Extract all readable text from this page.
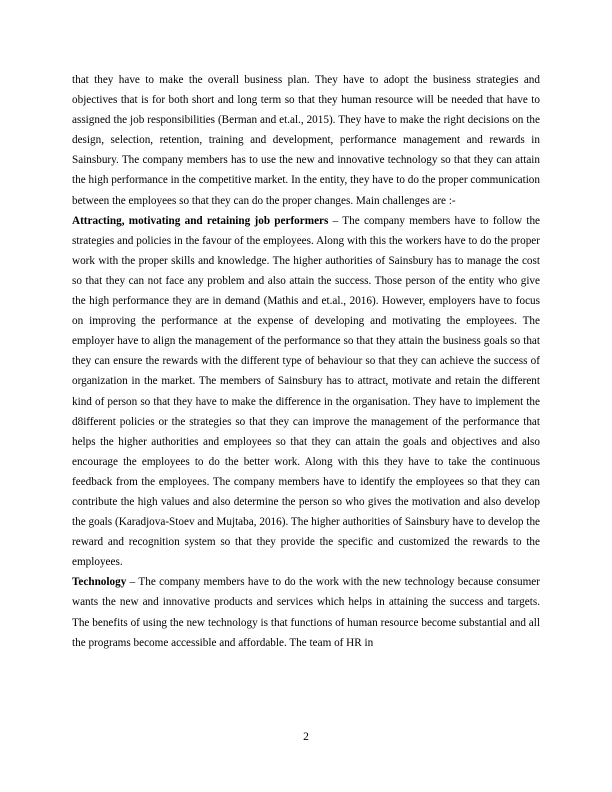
that they have to make the overall business plan. They have to adopt the business strategies and objectives that is for both short and long term so that they human resource will be needed that have to assigned the job responsibilities (Berman and et.al., 2015). They have to make the right decisions on the design, selection, retention, training and development, performance management and rewards in Sainsbury. The company members has to use the new and innovative technology so that they can attain the high performance in the competitive market. In the entity, they have to do the proper communication between the employees so that they can do the proper changes. Main challenges are :-

Attracting, motivating and retaining job performers – The company members have to follow the strategies and policies in the favour of the employees. Along with this the workers have to do the proper work with the proper skills and knowledge. The higher authorities of Sainsbury has to manage the cost so that they can not face any problem and also attain the success. Those person of the entity who give the high performance they are in demand (Mathis and et.al., 2016). However, employers have to focus on improving the performance at the expense of developing and motivating the employees. The employer have to align the management of the performance so that they attain the business goals so that they can ensure the rewards with the different type of behaviour so that they can achieve the success of organization in the market. The members of Sainsbury has to attract, motivate and retain the different kind of person so that they have to make the difference in the organisation. They have to implement the d8ifferent policies or the strategies so that they can improve the management of the performance that helps the higher authorities and employees so that they can attain the goals and objectives and also encourage the employees to do the better work. Along with this they have to take the continuous feedback from the employees. The company members have to identify the employees so that they can contribute the high values and also determine the person so who gives the motivation and also develop the goals (Karadjova-Stoev and Mujtaba, 2016). The higher authorities of Sainsbury have to develop the reward and recognition system so that they provide the specific and customized the rewards to the employees.

Technology – The company members have to do the work with the new technology because consumer wants the new and innovative products and services which helps in attaining the success and targets. The benefits of using the new technology is that functions of human resource become substantial and all the programs become accessible and affordable. The team of HR in

2
